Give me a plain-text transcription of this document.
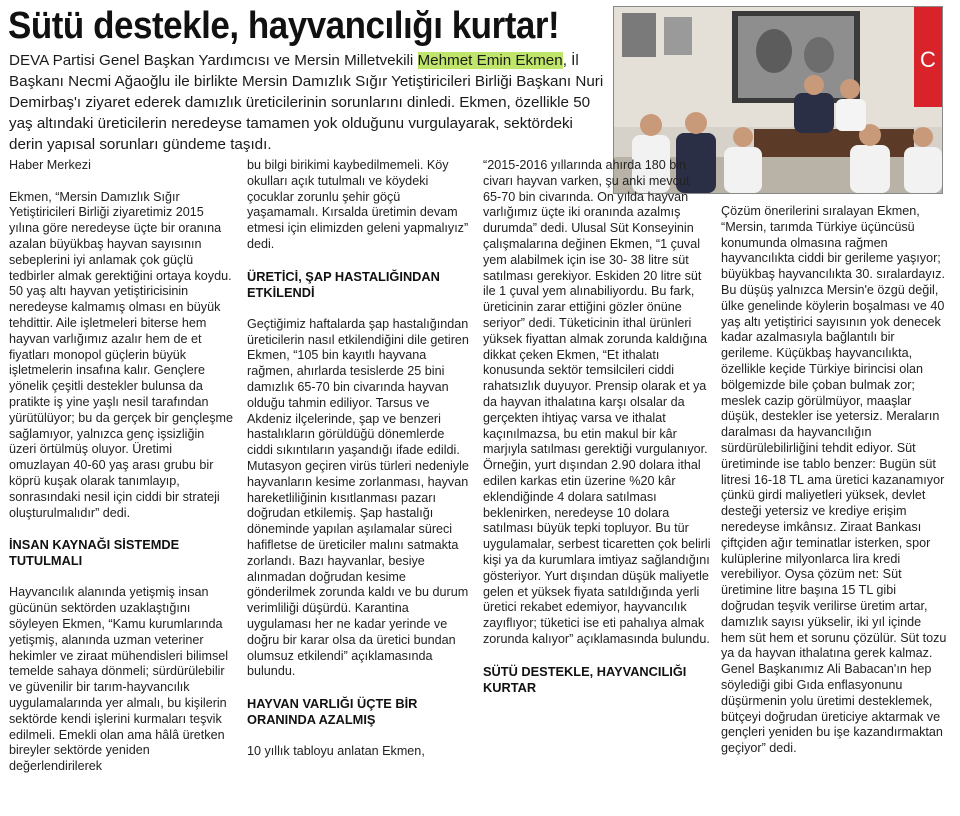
Sütü destekle, hayvancılığı kurtar!
DEVA Partisi Genel Başkan Yardımcısı ve Mersin Milletvekili Mehmet Emin Ekmen, İl Başkanı Necmi Ağaoğlu ile birlikte Mersin Damızlık Sığır Yetiştiricileri Birliği Başkanı Nuri Demirbaş'ı ziyaret ederek damızlık üreticilerinin sorunlarını dinledi. Ekmen, özellikle 50 yaş altındaki üreticilerin neredeyse tamamen yok olduğunu vurgulayarak, sektördeki derin yapısal sorunları gündeme taşıdı.
C

Haber Merkezi

Ekmen, “Mersin Damızlık Sığır Yetiştiricileri Birliği ziyaretimiz 2015 yılına göre neredeyse üçte bir oranına azalan büyükbaş hayvan sayısının sebeplerini iyi anlamak çok güçlü tedbirler almak gerektiğini ortaya koydu. 50 yaş altı hayvan yetiştiricisinin neredeyse kalmamış olması en büyük tehdittir. Aile işletmeleri biterse hem hayvan varlığımız azalır hem de et fiyatları monopol güçlerin büyük işletmelerin insafına kalır. Gençlere yönelik çeşitli destekler bulunsa da pratikte iş yine yaşlı nesil tarafından yürütülüyor; bu da gerçek bir gençleşme sağlamıyor, yalnızca genç işsizliğin üzeri örtülmüş oluyor. Üretimi omuzlayan 40-60 yaş arası grubu bir köprü kuşak olarak tanımlayıp, sonrasındaki nesil için ciddi bir strateji oluşturulmalıdır” dedi.

İNSAN KAYNAĞI SİSTEMDE TUTULMALI

Hayvancılık alanında yetişmiş insan gücünün sektörden uzaklaştığını söyleyen Ekmen, “Kamu kurumlarında yetişmiş, alanında uzman veteriner hekimler ve ziraat mühendisleri bilimsel temelde sahaya dönmeli; sürdürülebilir ve güvenilir bir tarım-hayvancılık uygulamalarında yer almalı, bu kişilerin sektörde kendi işlerini kurmaları teşvik edilmeli. Emekli olan ama hâlâ üretken bireyler sektörde yeniden değerlendirilerek

bu bilgi birikimi kaybedilmemeli. Köy okulları açık tutulmalı ve köydeki çocuklar zorunlu şehir göçü yaşamamalı. Kırsalda üretimin devam etmesi için elimizden geleni yapmalıyız” dedi.

ÜRETİCİ, ŞAP HASTALIĞINDAN ETKİLENDİ

Geçtiğimiz haftalarda şap hastalığından üreticilerin nasıl etkilendiğini dile getiren Ekmen, “105 bin kayıtlı hayvana rağmen, ahırlarda tesislerde 25 bini damızlık 65-70 bin civarında hayvan olduğu tahmin ediliyor. Tarsus ve Akdeniz ilçelerinde, şap ve benzeri hastalıkların görüldüğü dönemlerde ciddi sıkıntıların yaşandığı ifade edildi. Mutasyon geçiren virüs türleri nedeniyle hayvanların kesime zorlanması, hayvan hareketliliğinin kısıtlanması pazarı doğrudan etkilemiş. Şap hastalığı döneminde yapılan aşılamalar süreci hafifletse de üreticiler malını satmakta zorlandı. Bazı hayvanlar, besiye alınmadan doğrudan kesime gönderilmek zorunda kaldı ve bu durum verimliliği düşürdü. Karantina uygulaması her ne kadar yerinde ve doğru bir karar olsa da üretici bundan olumsuz etkilendi” açıklamasında bulundu.

HAYVAN VARLIĞI ÜÇTE BİR ORANINDA AZALMIŞ

10 yıllık tabloyu anlatan Ekmen,

“2015-2016 yıllarında ahırda 180 bin civarı hayvan varken, şu anki mevcut 65-70 bin civarında. On yılda hayvan varlığımız üçte iki oranında azalmış durumda” dedi. Ulusal Süt Konseyinin çalışmalarına değinen Ekmen, “1 çuval yem alabilmek için ise 30- 38 litre süt satılması gerekiyor. Eskiden 20 litre süt ile 1 çuval yem alınabiliyordu. Bu fark, üreticinin zarar ettiğini gözler önüne seriyor” dedi. Tüketicinin ithal ürünleri yüksek fiyattan almak zorunda kaldığına dikkat çeken Ekmen, “Et ithalatı konusunda sektör temsilcileri ciddi rahatsızlık duyuyor. Prensip olarak et ya da hayvan ithalatına karşı olsalar da gerçekten ihtiyaç varsa ve ithalat kaçınılmazsa, bu etin makul bir kâr marjıyla satılması gerektiği vurgulanıyor. Örneğin, yurt dışından 2.90 dolara ithal edilen karkas etin üzerine %20 kâr eklendiğinde 4 dolara satılması beklenirken, neredeyse 10 dolara satılması büyük tepki topluyor. Bu tür uygulamalar, serbest ticaretten çok belirli kişi ya da kurumlara imtiyaz sağlandığını gösteriyor. Yurt dışından düşük maliyetle gelen et yüksek fiyata satıldığında yerli üretici rekabet edemiyor, hayvancılık zayıflıyor; tüketici ise eti pahalıya almak zorunda kalıyor” açıklamasında bulundu.

SÜTÜ DESTEKLE, HAYVANCILIĞI KURTAR

Çözüm önerilerini sıralayan Ekmen, “Mersin, tarımda Türkiye üçüncüsü konumunda olmasına rağmen hayvancılıkta ciddi bir gerileme yaşıyor; büyükbaş hayvancılıkta 30. sıralardayız. Bu düşüş yalnızca Mersin'e özgü değil, ülke genelinde köylerin boşalması ve 40 yaş altı yetiştirici sayısının yok denecek kadar azalmasıyla bağlantılı bir gerileme. Küçükbaş hayvancılıkta, özellikle keçide Türkiye birincisi olan bölgemizde bile çoban bulmak zor; meslek cazip görülmüyor, maaşlar düşük, destekler ise yetersiz. Meraların daralması da hayvancılığın sürdürülebilirliğini tehdit ediyor. Süt üretiminde ise tablo benzer: Bugün süt litresi 16-18 TL ama üretici kazanamıyor çünkü girdi maliyetleri yüksek, devlet desteği yetersiz ve krediye erişim neredeyse imkânsız. Ziraat Bankası çiftçiden ağır teminatlar isterken, spor kulüplerine milyonlarca lira kredi verebiliyor. Oysa çözüm net: Süt üretimine litre başına 15 TL gibi doğrudan teşvik verilirse üretim artar, damızlık sayısı yükselir, iki yıl içinde hem süt hem et sorunu çözülür. Süt tozu ya da hayvan ithalatına gerek kalmaz. Genel Başkanımız Ali Babacan'ın hep söylediği gibi Gıda enflasyonunu düşürmenin yolu üretimi desteklemek, bütçeyi doğrudan üreticiye aktarmak ve gençleri yeniden bu işe kazandırmaktan geçiyor” dedi.
